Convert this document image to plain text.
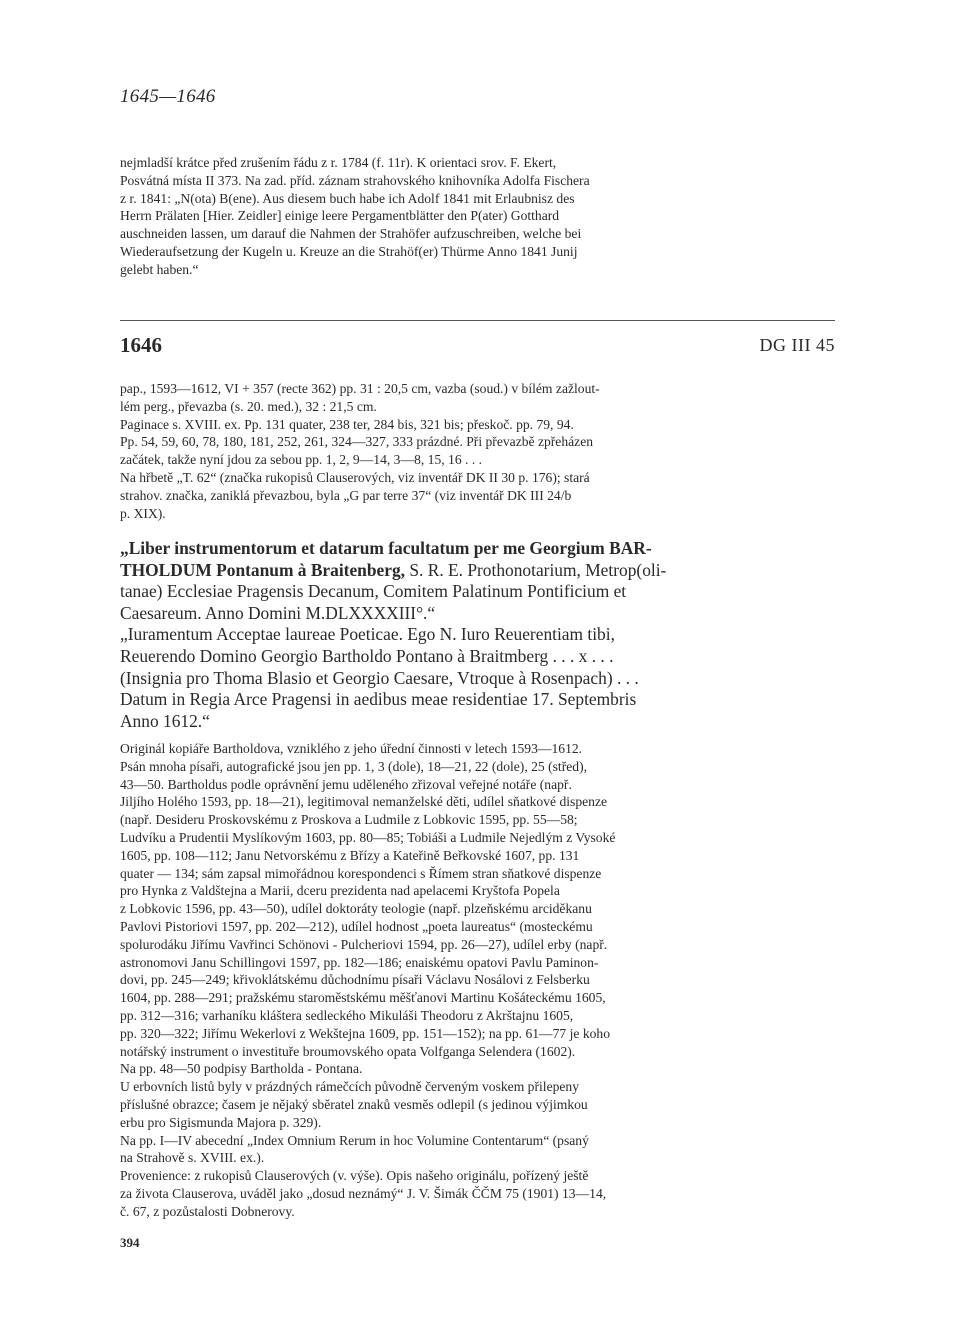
1645—1646
nejmladší krátce před zrušením řádu z r. 1784 (f. 11r). K orientaci srov. F. Ekert,
Posvátná místa II 373. Na zad. příd. záznam strahovského knihovníka Adolfa Fischera
z r. 1841: „N(ota) B(ene). Aus diesem buch habe ich Adolf 1841 mit Erlaubnisz des
Herrn Prälaten [Hier. Zeidler] einige leere Pergamentblätter den P(ater) Gotthard
auschneiden lassen, um darauf die Nahmen der Strahöfer aufzuschreiben, welche bei
Wiederaufsetzung der Kugeln u. Kreuze an die Strahöf(er) Thürme Anno 1841 Junij
gelebt haben.“
1646	DG III 45
pap., 1593—1612, VI + 357 (recte 362) pp. 31 : 20,5 cm, vazba (soud.) v bílém zažlout-
lém perg., převazba (s. 20. med.), 32 : 21,5 cm.
Paginace s. XVIII. ex. Pp. 131 quater, 238 ter, 284 bis, 321 bis; přeskoč. pp. 79, 94.
Pp. 54, 59, 60, 78, 180, 181, 252, 261, 324—327, 333 prázdné. Při převazbě zpřeházen
začátek, takže nyní jdou za sebou pp. 1, 2, 9—14, 3—8, 15, 16 . . .
Na hřbetě „T. 62“ (značka rukopisů Clauserových, viz inventář DK II 30 p. 176); stará
strahov. značka, zaniklá převazbou, byla „G par terre 37“ (viz inventář DK III 24/b
p. XIX).
„Liber instrumentorum et datarum facultatum per me Georgium BAR-
THOLDUM Pontanum à Braitenberg, S. R. E. Prothonotarium, Metrop(oli-
tanae) Ecclesiae Pragensis Decanum, Comitem Palatinum Pontificium et
Caesareum. Anno Domini M.DLXXXXIII°.“
„Iuramentum Acceptae laureae Poeticae. Ego N. Iuro Reuerentiam tibi,
Reuerendo Domino Georgio Bartholdo Pontano à Braitmberg . . . x . . .
(Insignia pro Thoma Blasio et Georgio Caesare, Vtroque à Rosenpach) . . .
Datum in Regia Arce Pragensi in aedibus meae residentiae 17. Septembris
Anno 1612.“
Originál kopiáře Bartholdova, vzniklého z jeho úřední činnosti v letech 1593—1612.
Psán mnoha písaři, autografické jsou jen pp. 1, 3 (dole), 18—21, 22 (dole), 25 (střed),
43—50. Bartholdus podle oprávnění jemu uděleného zřizoval veřejné notáře (např.
Jiljího Holého 1593, pp. 18—21), legitimoval nemanželské děti, udílel sňatkové dispenze
(např. Desideru Proskovskému z Proskova a Ludmile z Lobkovic 1595, pp. 55—58;
Ludvíku a Prudentii Myslíkovým 1603, pp. 80—85; Tobiáši a Ludmile Nejedlým z Vysoké
1605, pp. 108—112; Janu Netvorskému z Břízy a Kateřině Beřkovské 1607, pp. 131
quater — 134; sám zapsal mimořádnou korespondenci s Římem stran sňatkové dispenze
pro Hynka z Valdštejna a Marii, dceru prezidenta nad apelacemi Kryštofa Popela
z Lobkovic 1596, pp. 43—50), udílel doktoráty teologie (např. plzeňskému arciděkanu
Pavlovi Pistoriovi 1597, pp. 202—212), udílel hodnost „poeta laureatus“ (mosteckému
spolurodáku Jiřímu Vavřinci Schönovi - Pulcheriovi 1594, pp. 26—27), udílel erby (např.
astronomovi Janu Schillingovi 1597, pp. 182—186; enaiskému opatovi Pavlu Paminon-
dovi, pp. 245—249; křivoklátskému důchodnímu písaři Václavu Nosálovi z Felsberku
1604, pp. 288—291; pražskému staroměstskému měšťanovi Martinu Košáteckému 1605,
pp. 312—316; varhaníku kláštera sedleckého Mikuláši Theodoru z Akrštajnu 1605,
pp. 320—322; Jiřímu Wekerlovi z Wekštejna 1609, pp. 151—152); na pp. 61—77 je koho
notářský instrument o investituře broumovského opata Volfganga Selendera (1602).
Na pp. 48—50 podpisy Bartholda - Pontana.
U erbovních listů byly v prázdných rámečcích původně červeným voskem přilepeny
příslušné obrazce; časem je nějaký sběratel znaků vesměs odlepil (s jedinou výjimkou
erbu pro Sigismunda Majora p. 329).
Na pp. I—IV abecední „Index Omnium Rerum in hoc Volumine Contentarum“ (psaný
na Strahově s. XVIII. ex.).
Provenience: z rukopisů Clauserových (v. výše). Opis našeho originálu, pořízený ještě
za života Clauserova, uváděl jako „dosud neznámý“ J. V. Šimák ČČM 75 (1901) 13—14,
č. 67, z pozůstalosti Dobnerovy.
394
